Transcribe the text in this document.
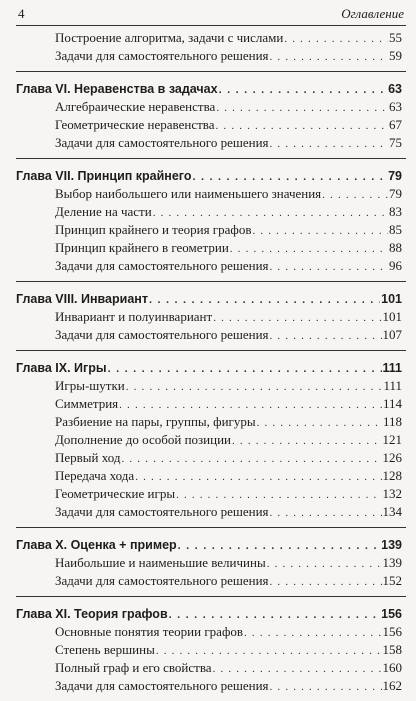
4	Оглавление
Построение алгоритма, задачи с числами . . .	55
Задачи для самостоятельного решения . . .	59
Глава VI. Неравенства в задачах . . .	63
Алгебраические неравенства . . .	63
Геометрические неравенства . . .	67
Задачи для самостоятельного решения . . .	75
Глава VII. Принцип крайнего . . .	79
Выбор наибольшего или наименьшего значения . . .	79
Деление на части . . .	83
Принцип крайнего и теория графов . . .	85
Принцип крайнего в геометрии . . .	88
Задачи для самостоятельного решения . . .	96
Глава VIII. Инвариант . . .	101
Инвариант и полуинвариант . . .	101
Задачи для самостоятельного решения . . .	107
Глава IX. Игры . . .	111
Игры-шутки . . .	111
Симметрия . . .	114
Разбиение на пары, группы, фигуры . . .	118
Дополнение до особой позиции . . .	121
Первый ход . . .	126
Передача хода . . .	128
Геометрические игры . . .	132
Задачи для самостоятельного решения . . .	134
Глава X. Оценка + пример . . .	139
Наибольшие и наименьшие величины . . .	139
Задачи для самостоятельного решения . . .	152
Глава XI. Теория графов . . .	156
Основные понятия теории графов . . .	156
Степень вершины . . .	158
Полный граф и его свойства . . .	160
Задачи для самостоятельного решения . . .	162
